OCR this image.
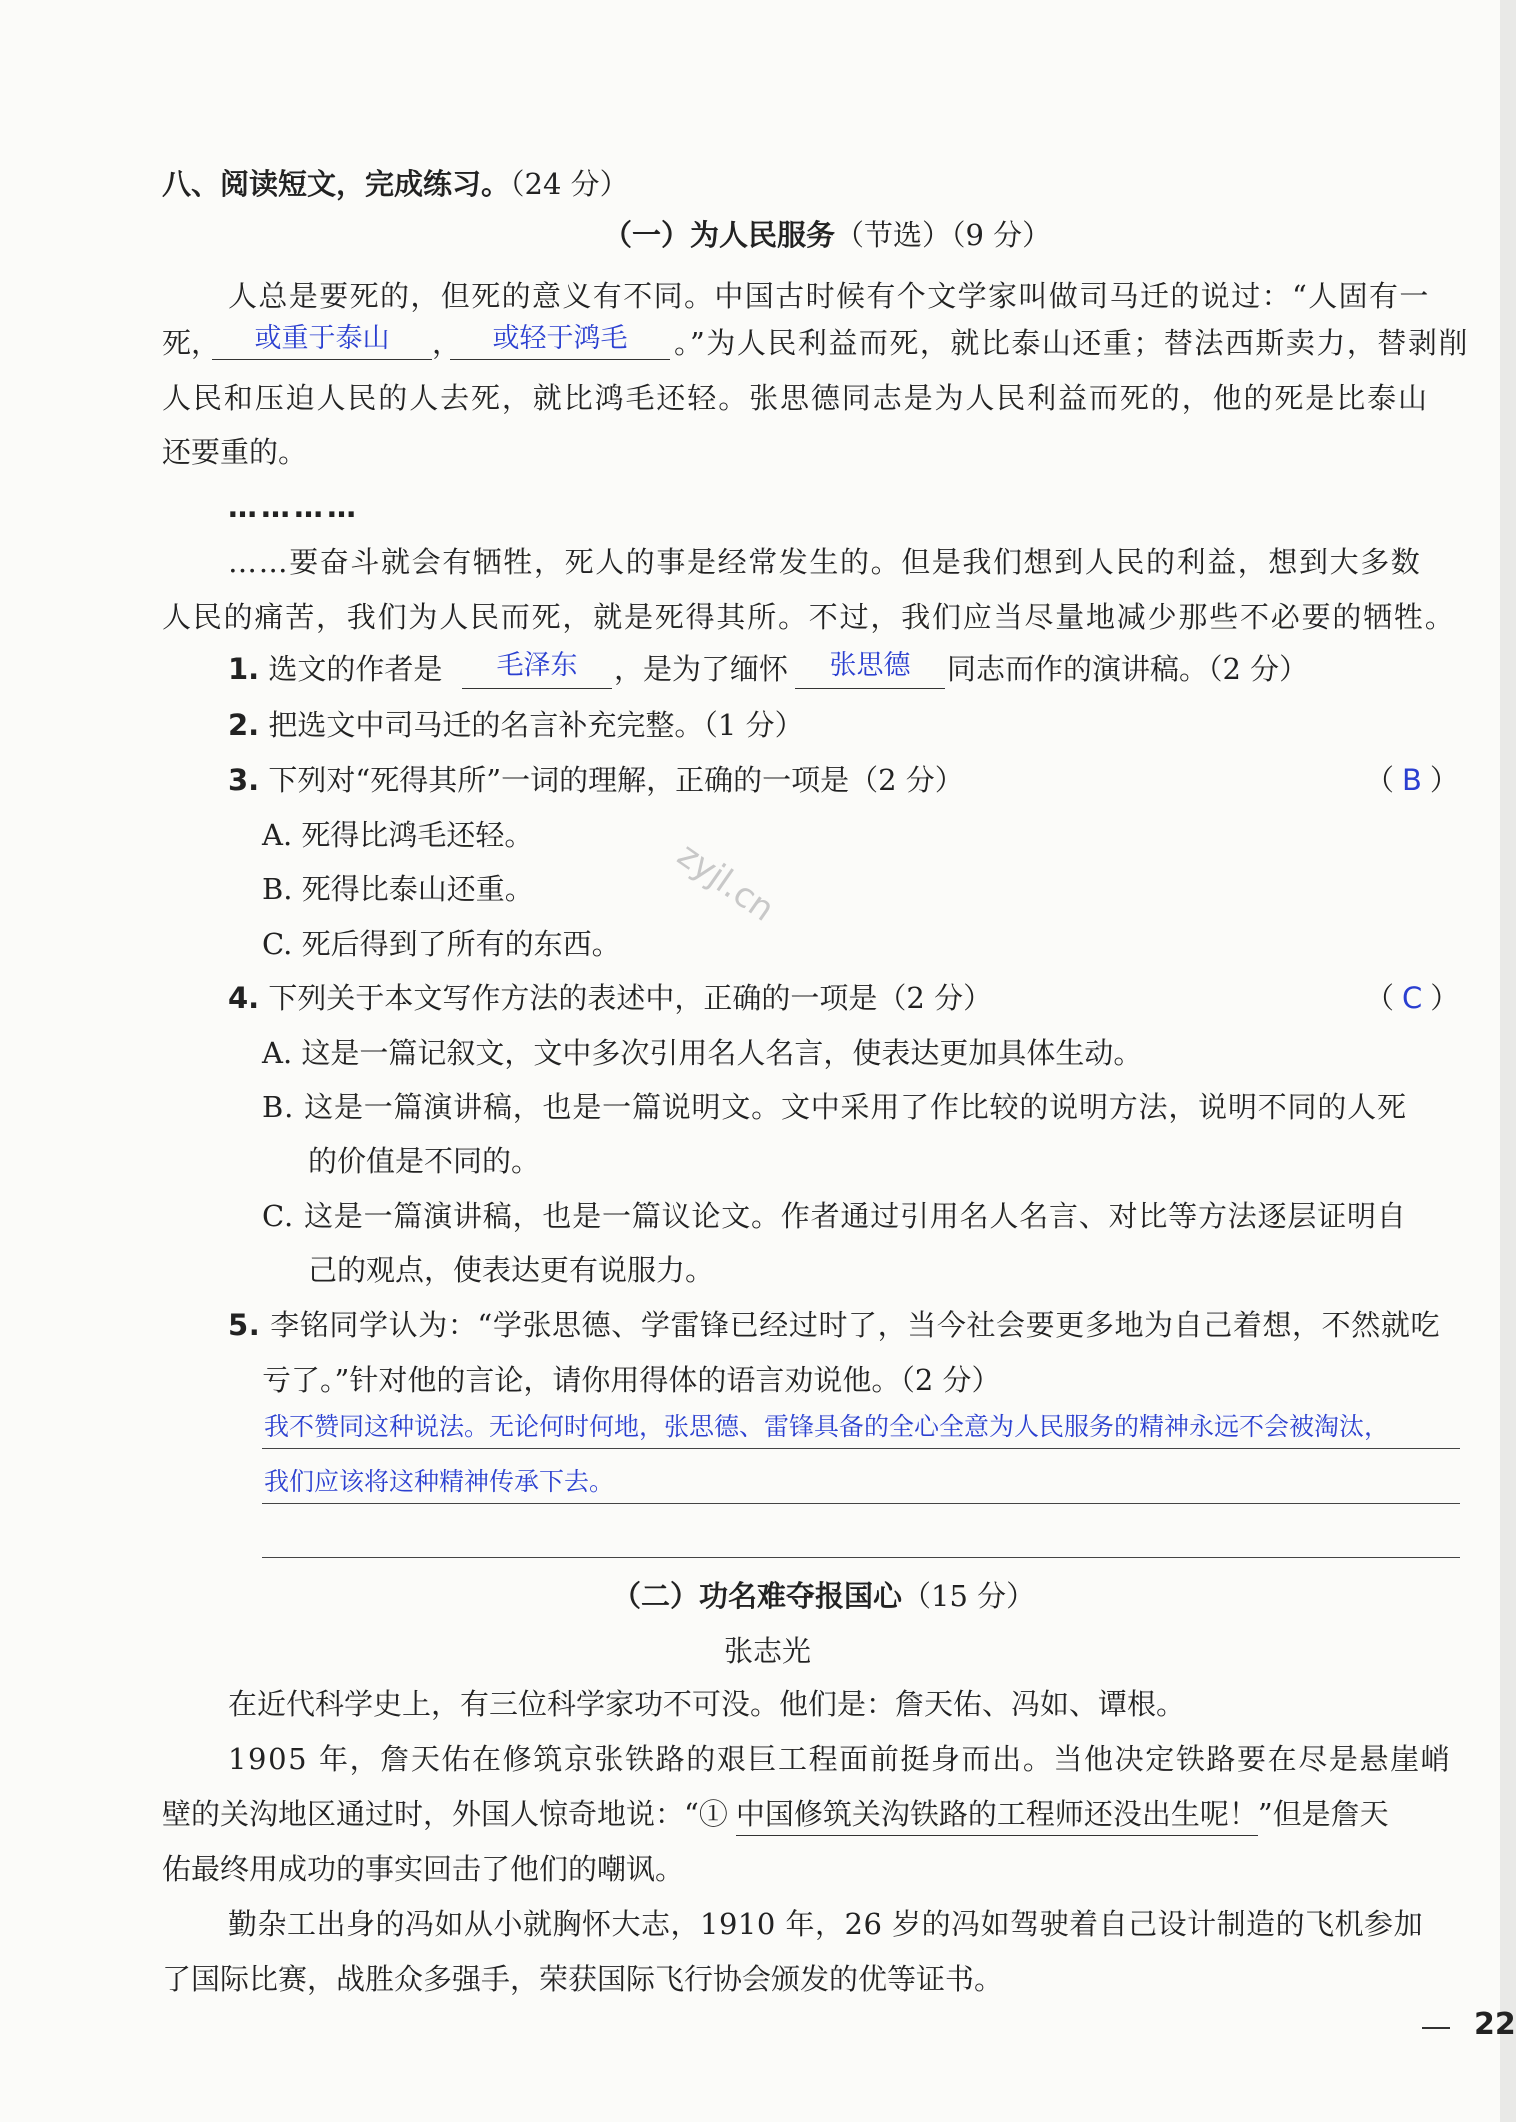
八、阅读短文，完成练习。（24 分）
（一）为人民服务（节选）（9 分）
人总是要死的，但死的意义有不同。中国古时候有个文学家叫做司马迁的说过：“人固有一
死，	或重于泰山	，	或轻于鸿毛	。”为人民利益而死，就比泰山还重；替法西斯卖力，替剥削
人民和压迫人民的人去死，就比鸿毛还轻。张思德同志是为人民利益而死的，他的死是比泰山
还要重的。
…………
……要奋斗就会有牺牲，死人的事是经常发生的。但是我们想到人民的利益，想到大多数
人民的痛苦，我们为人民而死，就是死得其所。不过，我们应当尽量地减少那些不必要的牺牲。
1. 选文的作者是	毛泽东	，是为了缅怀	张思德	同志而作的演讲稿。（2 分）
2. 把选文中司马迁的名言补充完整。（1 分）
3. 下列对“死得其所”一词的理解，正确的一项是（2 分）	（ B ）
A. 死得比鸿毛还轻。
B. 死得比泰山还重。
C. 死后得到了所有的东西。
zyjl.cn
4. 下列关于本文写作方法的表述中，正确的一项是（2 分）	（ C ）
A. 这是一篇记叙文，文中多次引用名人名言，使表达更加具体生动。
B. 这是一篇演讲稿，也是一篇说明文。文中采用了作比较的说明方法，说明不同的人死
的价值是不同的。
C. 这是一篇演讲稿，也是一篇议论文。作者通过引用名人名言、对比等方法逐层证明自
己的观点，使表达更有说服力。
5. 李铭同学认为：“学张思德、学雷锋已经过时了，当今社会要更多地为自己着想，不然就吃
亏了。”针对他的言论，请你用得体的语言劝说他。（2 分）
我不赞同这种说法。无论何时何地，张思德、雷锋具备的全心全意为人民服务的精神永远不会被淘汰，
我们应该将这种精神传承下去。
（二）功名难夺报国心（15 分）
张志光
在近代科学史上，有三位科学家功不可没。他们是：詹天佑、冯如、谭根。
1905 年，詹天佑在修筑京张铁路的艰巨工程面前挺身而出。当他决定铁路要在尽是悬崖峭
壁的关沟地区通过时，外国人惊奇地说：“① 中国修筑关沟铁路的工程师还没出生呢！”但是詹天
佑最终用成功的事实回击了他们的嘲讽。
勤杂工出身的冯如从小就胸怀大志，1910 年，26 岁的冯如驾驶着自己设计制造的飞机参加
了国际比赛，战胜众多强手，荣获国际飞行协会颁发的优等证书。
22
